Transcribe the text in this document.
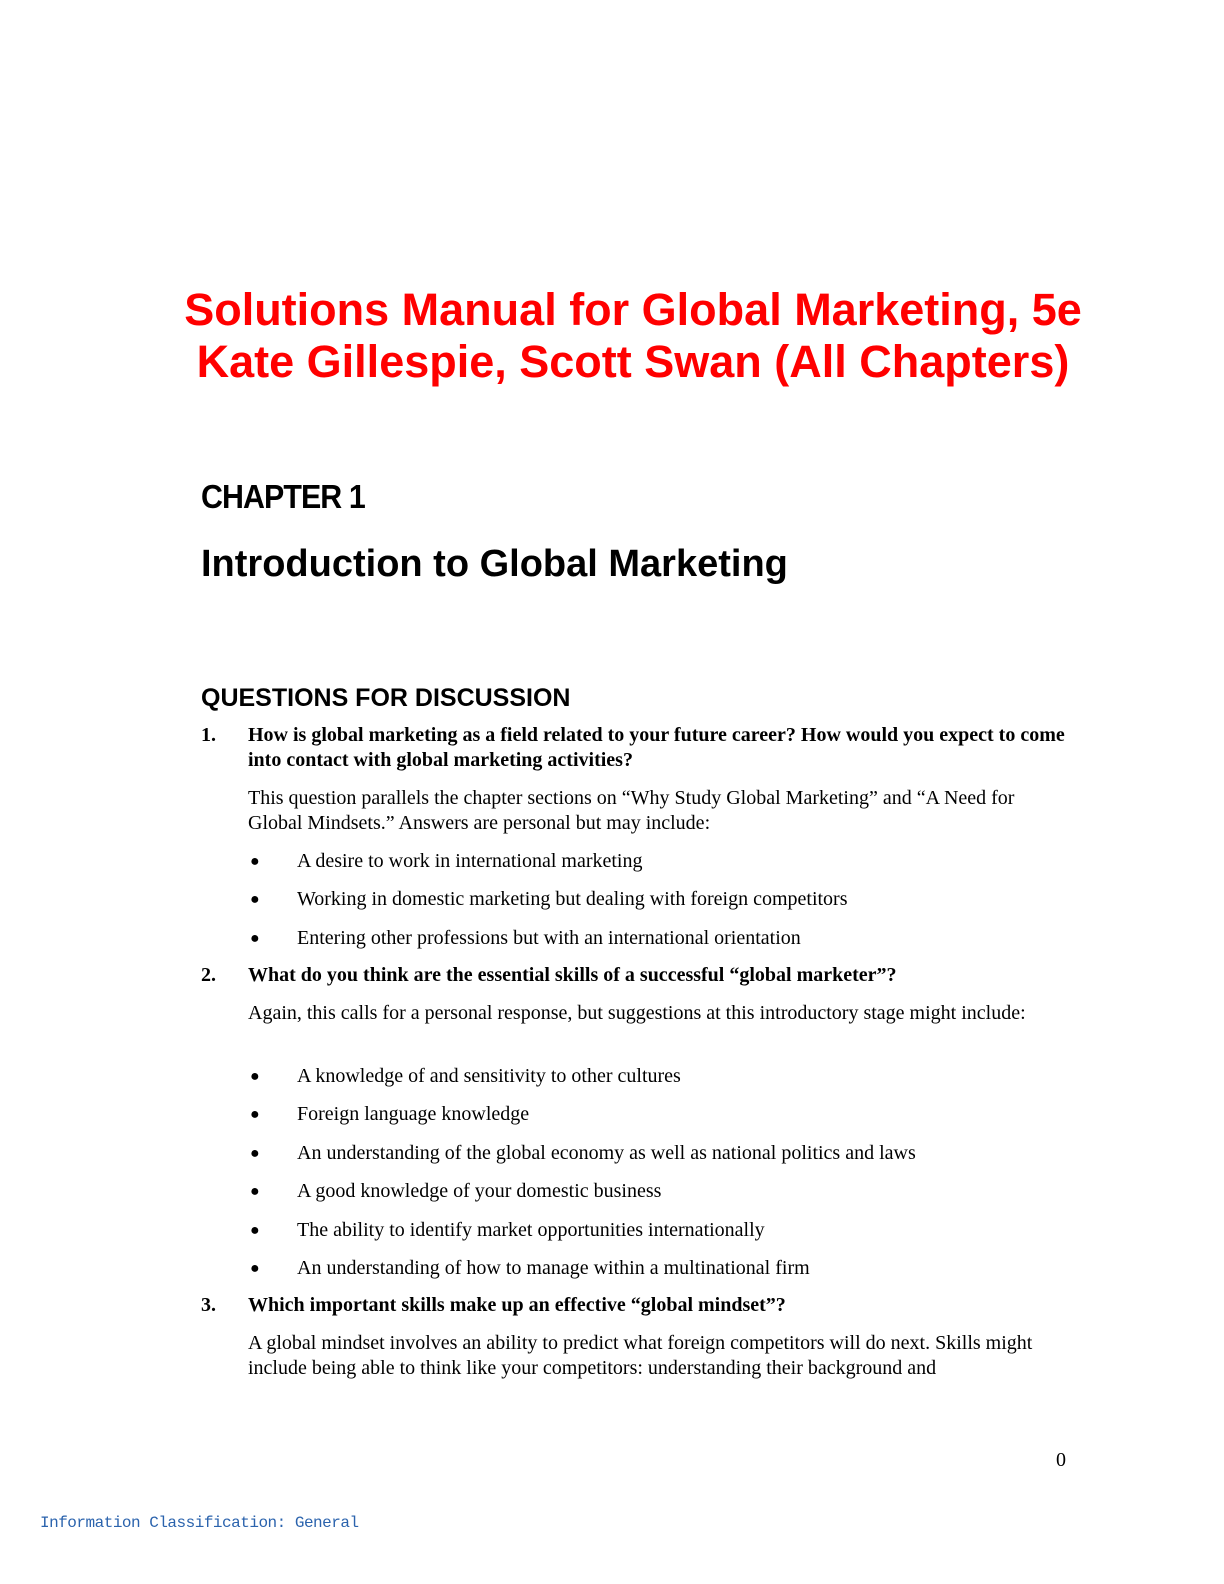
Solutions Manual for Global Marketing, 5e
Kate Gillespie, Scott Swan (All Chapters)
CHAPTER 1
Introduction to Global Marketing
QUESTIONS FOR DISCUSSION

1. How is global marketing as a field related to your future career? How would you expect to come into contact with global marketing activities?

This question parallels the chapter sections on “Why Study Global Marketing” and “A Need for Global Mindsets.” Answers are personal but may include:

● A desire to work in international marketing

● Working in domestic marketing but dealing with foreign competitors

● Entering other professions but with an international orientation

2. What do you think are the essential skills of a successful “global marketer”?

Again, this calls for a personal response, but suggestions at this introductory stage might include:

● A knowledge of and sensitivity to other cultures

● Foreign language knowledge

● An understanding of the global economy as well as national politics and laws

● A good knowledge of your domestic business

● The ability to identify market opportunities internationally

● An understanding of how to manage within a multinational firm

3. Which important skills make up an effective “global mindset”?

A global mindset involves an ability to predict what foreign competitors will do next. Skills might include being able to think like your competitors: understanding their background and

0

Information Classification: General
